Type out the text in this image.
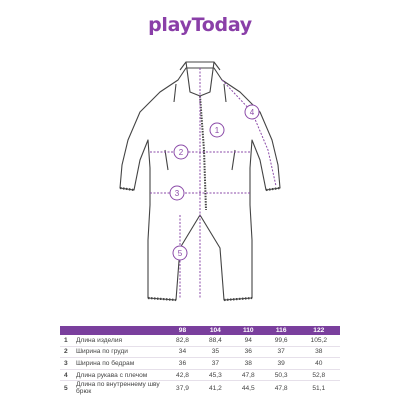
playToday
1
2
3
4
5
		98	104	110	116	122
1	Длина изделия	82,8	88,4	94	99,6	105,2
2	Ширина по груди	34	35	36	37	38
3	Ширина по бедрам	36	37	38	39	40
4	Длина рукава с плечом	42,8	45,3	47,8	50,3	52,8
5	Длина по внутреннему шву брюк	37,9	41,2	44,5	47,8	51,1
